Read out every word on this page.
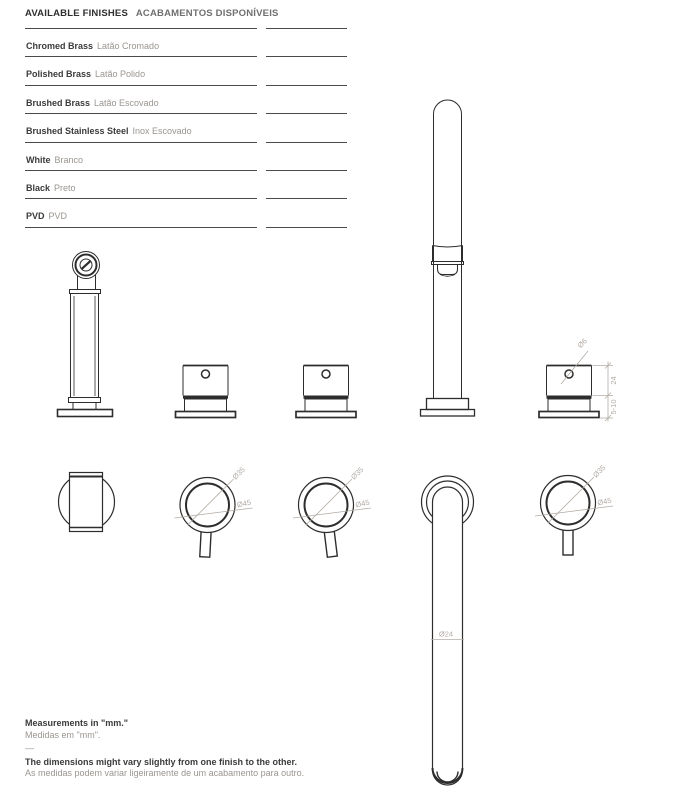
Ø6
24
5-10
Ø35
Ø45
Ø35
Ø45
Ø24
Ø35
Ø45
AVAILABLE FINISHES ACABAMENTOS DISPONÍVEIS
Chromed Brass Latão Cromado
Polished Brass Latão Polido
Brushed Brass Latão Escovado
Brushed Stainless Steel Inox Escovado
White Branco
Black Preto
PVD PVD
Measurements in "mm."
Medidas em "mm".
—
The dimensions might vary slightly from one finish to the other.
As medidas podem variar ligeiramente de um acabamento para outro.
